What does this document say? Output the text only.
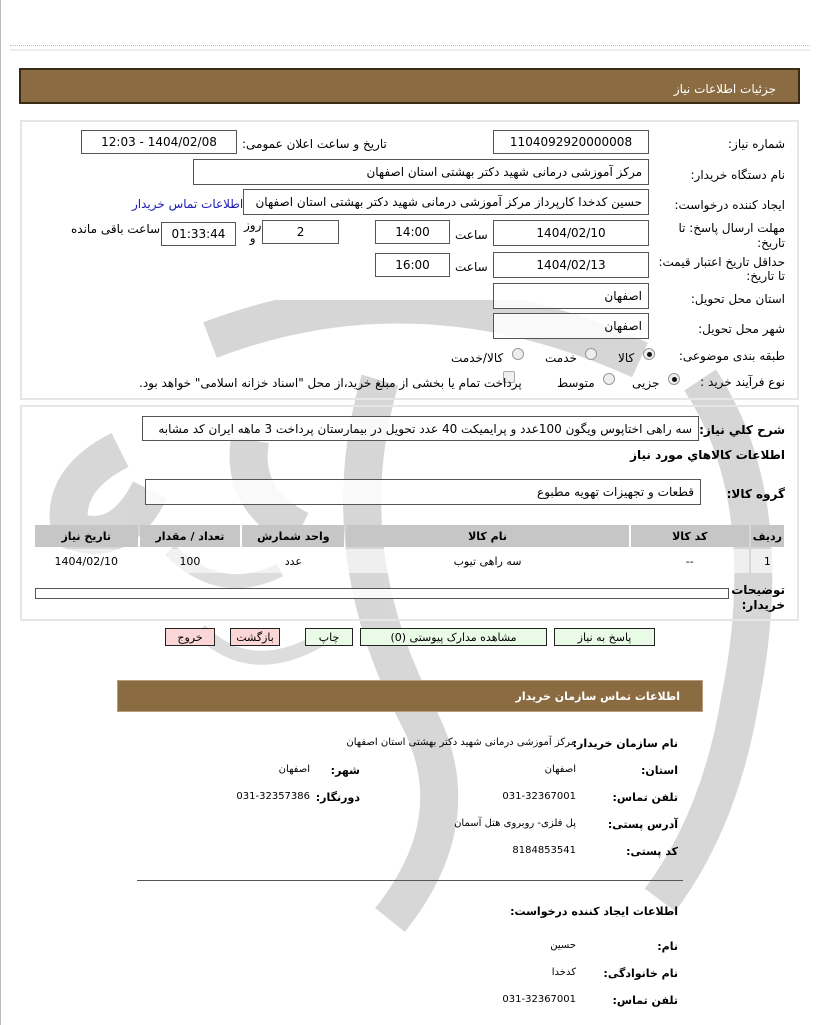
جزئیات اطلاعات نیاز
شماره نیاز:
1104092920000008
تاریخ و ساعت اعلان عمومی:
1404/02/08 - 12:03
نام دستگاه خریدار:
مرکز آموزشی درمانی شهید دکتر بهشتی استان اصفهان
ایجاد کننده درخواست:
حسین کدخدا کارپرداز مرکز آموزشی درمانی شهید دکتر بهشتی استان اصفهان
اطلاعات تماس خریدار
مهلت ارسال پاسخ: تا
تاریخ:
1404/02/10
ساعت
14:00
2
روز
و
01:33:44
ساعت باقی مانده
حداقل تاریخ اعتبار قیمت:
تا تاریخ:
1404/02/13
ساعت
16:00
استان محل تحویل:
اصفهان
شهر محل تحویل:
اصفهان
طبقه بندی موضوعی:
کالا
خدمت
کالا/خدمت
نوع فرآیند خرید :
جزیی
متوسط
پرداخت تمام یا بخشی از مبلغ خرید،از محل "اسناد خزانه اسلامی" خواهد بود.
شرح کلي نياز:
سه راهی اختاپوس ویگون 100عدد و پرایمیکت 40 عدد تحویل در بیمارستان پرداخت 3 ماهه ایران کد مشابه
اطلاعات کالاهاي مورد نياز
گروه کالا:
قطعات و تجهیزات تهویه مطبوع
ردیف	کد کالا	نام کالا	واحد شمارش	تعداد / مقدار	تاریخ نیاز
1	--	سه راهی تیوب	عدد	100	1404/02/10
توضیحات
خریدار:
پاسخ به نیاز
مشاهده مدارک پیوستی (0)
چاپ
بازگشت
خروج
اطلاعات تماس سازمان خریدار
نام سازمان خریدار:
مرکز آموزشی درمانی شهید دکتر بهشتی استان اصفهان
استان:
اصفهان
شهر:
اصفهان
تلفن تماس:
031-32367001
دورنگار:
031-32357386
آدرس پستی:
پل فلزی- روبروی هتل آسمان
کد پستی:
8184853541
اطلاعات ایجاد کننده درخواست:
نام:
حسین
نام خانوادگی:
کدخدا
تلفن تماس:
031-32367001
